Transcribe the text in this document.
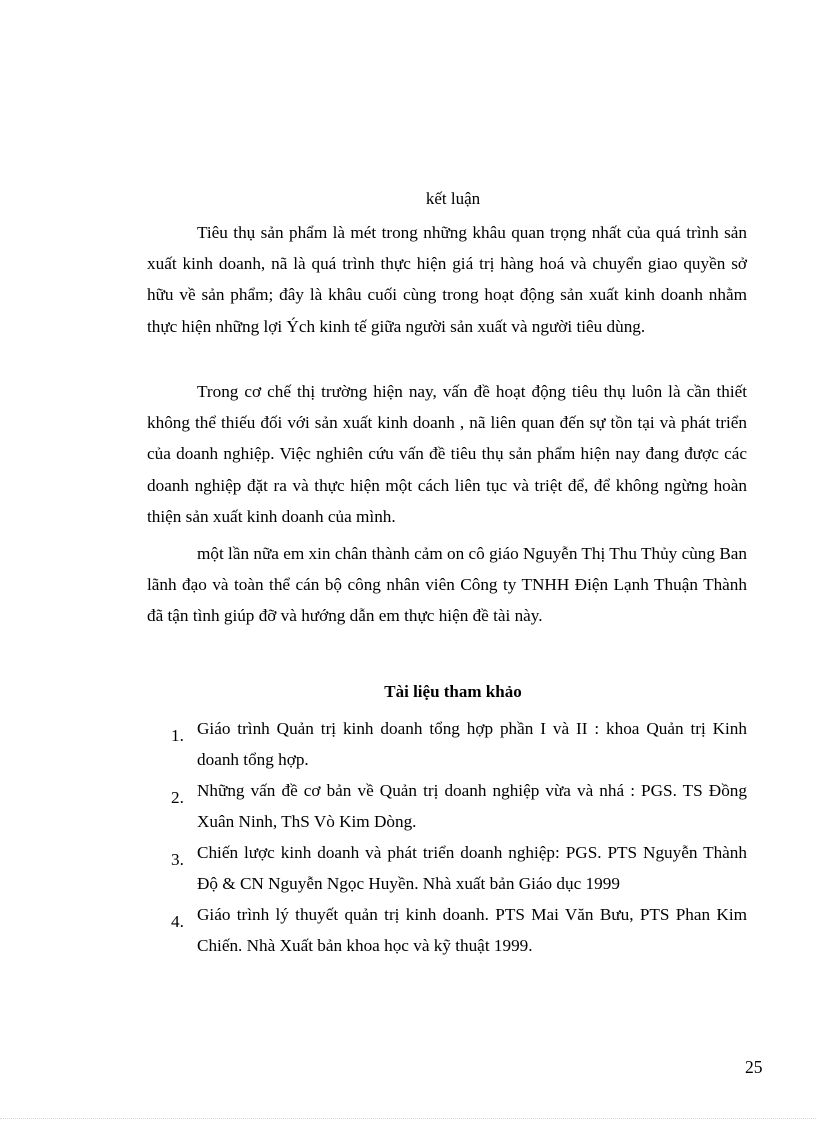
kết luận

Tiêu thụ sản phẩm là mét trong những khâu quan trọng nhất của quá trình sản xuất kinh doanh, nã là quá trình thực hiện giá trị hàng hoá và chuyển giao quyền sở hữu về sản phẩm; đây là khâu cuối cùng trong hoạt động sản xuất kinh doanh nhằm thực hiện những lợi Ých kinh tế giữa người sản xuất và người tiêu dùng.

Trong cơ chế thị trường hiện nay, vấn đề hoạt động tiêu thụ luôn là cần thiết không thể thiếu đối với sản xuất kinh doanh , nã liên quan đến sự tồn tại và phát triển của doanh nghiệp. Việc nghiên cứu vấn đề tiêu thụ sản phẩm hiện nay đang được các doanh nghiệp đặt ra và thực hiện một cách liên tục và triệt để, để không ngừng hoàn thiện sản xuất kinh doanh của mình.

một lần nữa em xin chân thành cảm on cô giáo Nguyễn Thị Thu Thủy cùng Ban lãnh đạo và toàn thể cán bộ công nhân viên Công ty TNHH Điện Lạnh Thuận Thành đã tận tình giúp đỡ và hướng dẫn em thực hiện đề tài này.

Tài liệu tham khảo
1. Giáo trình Quản trị kinh doanh tổng hợp phần I và II : khoa Quản trị Kinh doanh tổng hợp.
2. Những vấn đề cơ bản về Quản trị doanh nghiệp vừa và nhá : PGS. TS Đồng Xuân Ninh, ThS Vò Kim Dòng.
3. Chiến lược kinh doanh và phát triển doanh nghiệp: PGS. PTS Nguyễn Thành Độ & CN Nguyễn Ngọc Huyền. Nhà xuất bản Giáo dục 1999
4. Giáo trình lý thuyết quản trị kinh doanh. PTS Mai Văn Bưu, PTS Phan Kim Chiến. Nhà Xuất bản khoa học và kỹ thuật 1999.
25
